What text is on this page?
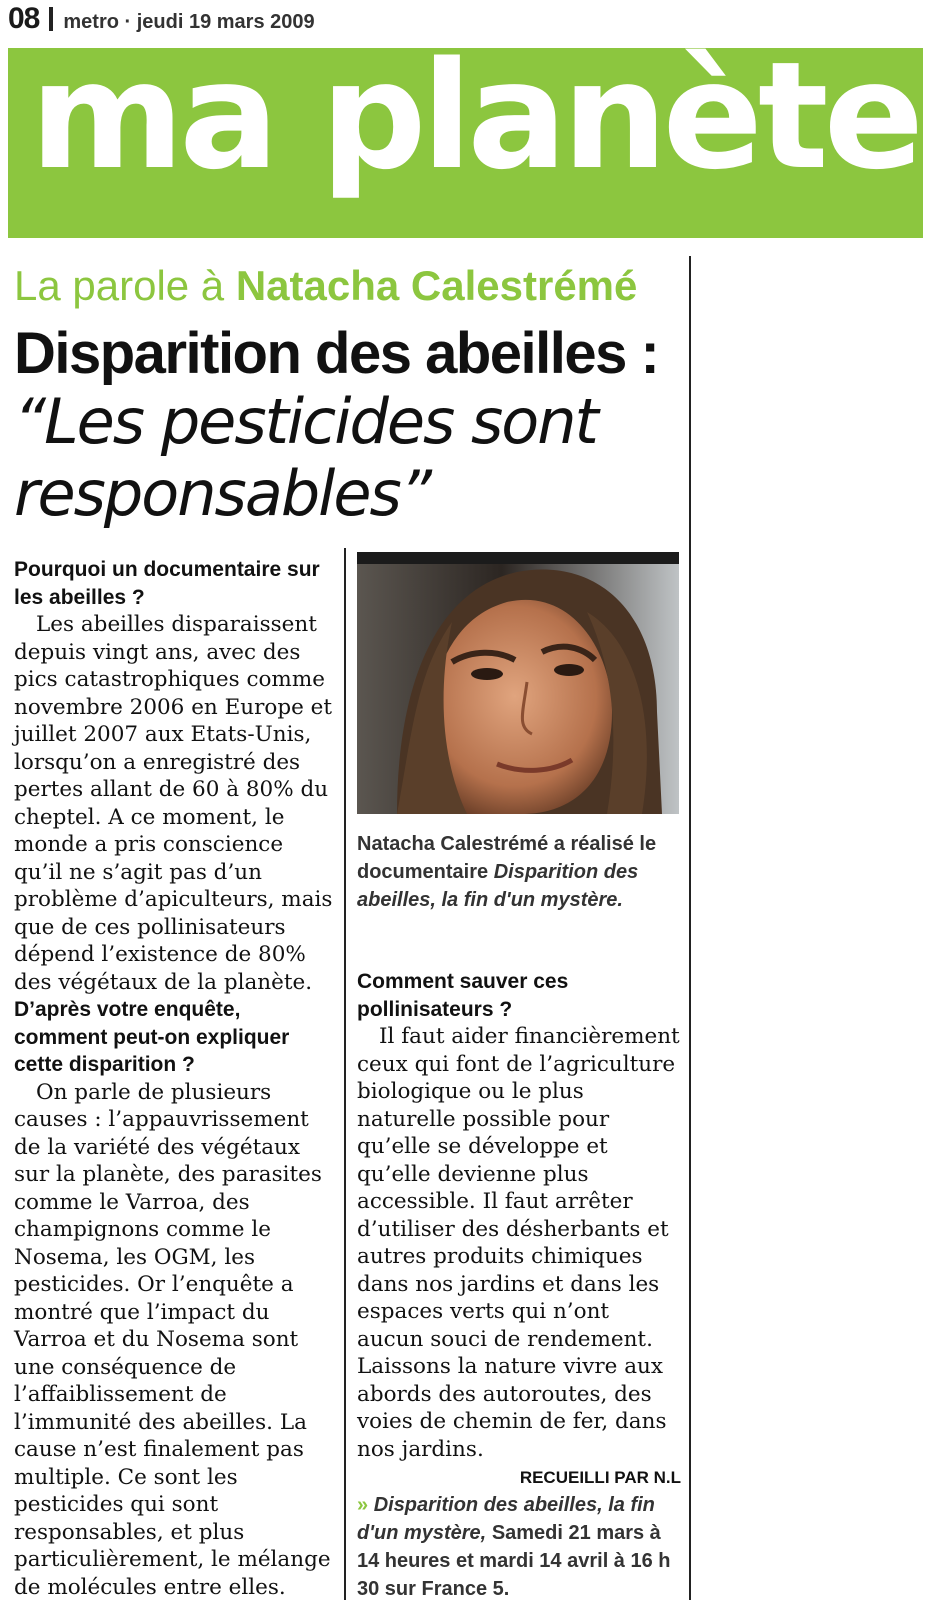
08 metro · jeudi 19 mars 2009
ma planète
La parole à Natacha Calestrémé
Disparition des abeilles :
“Les pesticides sont responsables”

Pourquoi un documentaire sur les abeilles ?

Les abeilles disparaissent depuis vingt ans, avec des pics catastrophiques comme novembre 2006 en Europe et juillet 2007 aux Etats-Unis, lorsqu’on a enregistré des pertes allant de 60 à 80% du cheptel. A ce moment, le monde a pris conscience qu’il ne s’agit pas d’un problème d’apiculteurs, mais que de ces pollinisateurs dépend l’existence de 80% des végétaux de la planète.

D’après votre enquête, comment peut-on expliquer cette disparition ?

On parle de plusieurs causes : l’appauvrissement de la variété des végétaux sur la planète, des parasites comme le Varroa, des champignons comme le Nosema, les OGM, les pesticides. Or l’enquête a montré que l’impact du Varroa et du Nosema sont une conséquence de l’affaiblissement de l’immunité des abeilles. La cause n’est finalement pas multiple. Ce sont les pesticides qui sont responsables, et plus particulièrement, le mélange de molécules entre elles.

Natacha Calestrémé a réalisé le documentaire Disparition des abeilles, la fin d'un mystère.

Comment sauver ces pollinisateurs ?

Il faut aider financièrement ceux qui font de l’agriculture biologique ou le plus naturelle possible pour qu’elle se développe et qu’elle devienne plus accessible. Il faut arrêter d’utiliser des désherbants et autres produits chimiques dans nos jardins et dans les espaces verts qui n’ont aucun souci de rendement. Laissons la nature vivre aux abords des autoroutes, des voies de chemin de fer, dans nos jardins.

RECUEILLI PAR N.L
» Disparition des abeilles, la fin d'un mystère, Samedi 21 mars à 14 heures et mardi 14 avril à 16 h 30 sur France 5.
